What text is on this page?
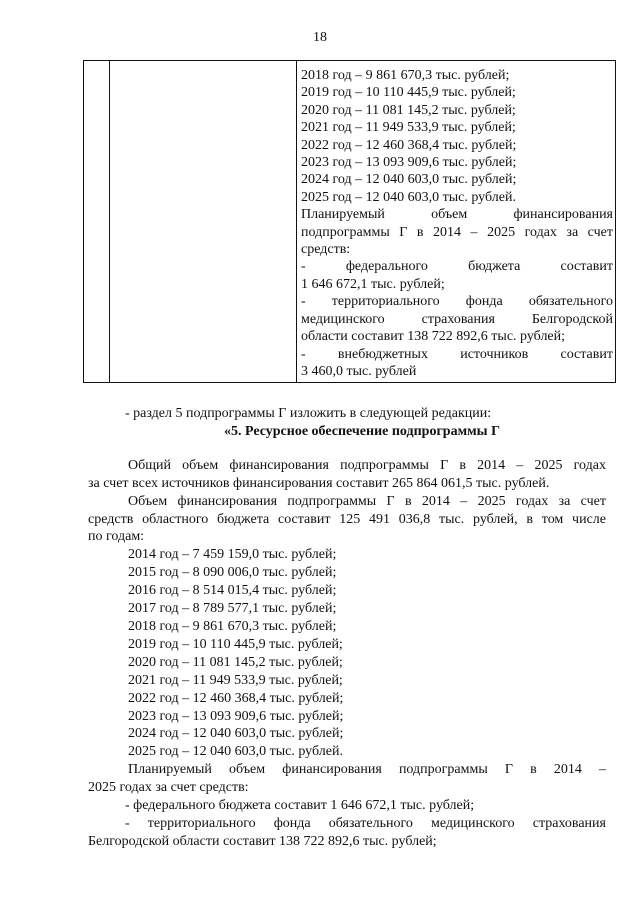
18

2018 год – 9 861 670,3 тыс. рублей;
2019 год – 10 110 445,9 тыс. рублей;
2020 год – 11 081 145,2 тыс. рублей;
2021 год – 11 949 533,9 тыс. рублей;
2022 год – 12 460 368,4 тыс. рублей;
2023 год – 13 093 909,6 тыс. рублей;
2024 год – 12 040 603,0 тыс. рублей;
2025 год – 12 040 603,0 тыс. рублей.
Планируемый объем финансирования
подпрограммы Г в 2014 – 2025 годах за счет
средств:
- федерального бюджета составит
1 646 672,1 тыс. рублей;
- территориального фонда обязательного
медицинского страхования Белгородской
области составит 138 722 892,6 тыс. рублей;
- внебюджетных источников составит
3 460,0 тыс. рублей

- раздел 5 подпрограммы Г изложить в следующей редакции:

«5. Ресурсное обеспечение подпрограммы Г

Общий объем финансирования подпрограммы Г в 2014 – 2025 годах

за счет всех источников финансирования составит 265 864 061,5 тыс. рублей.

Объем финансирования подпрограммы Г в 2014 – 2025 годах за счет

средств областного бюджета составит 125 491 036,8 тыс. рублей, в том числе

по годам:

2014 год – 7 459 159,0 тыс. рублей;

2015 год – 8 090 006,0 тыс. рублей;

2016 год – 8 514 015,4 тыс. рублей;

2017 год – 8 789 577,1 тыс. рублей;

2018 год – 9 861 670,3 тыс. рублей;

2019 год – 10 110 445,9 тыс. рублей;

2020 год – 11 081 145,2 тыс. рублей;

2021 год – 11 949 533,9 тыс. рублей;

2022 год – 12 460 368,4 тыс. рублей;

2023 год – 13 093 909,6 тыс. рублей;

2024 год – 12 040 603,0 тыс. рублей;

2025 год – 12 040 603,0 тыс. рублей.

Планируемый объем финансирования подпрограммы Г в 2014 –

2025 годах за счет средств:

- федерального бюджета составит 1 646 672,1 тыс. рублей;

- территориального фонда обязательного медицинского страхования

Белгородской области составит 138 722 892,6 тыс. рублей;
